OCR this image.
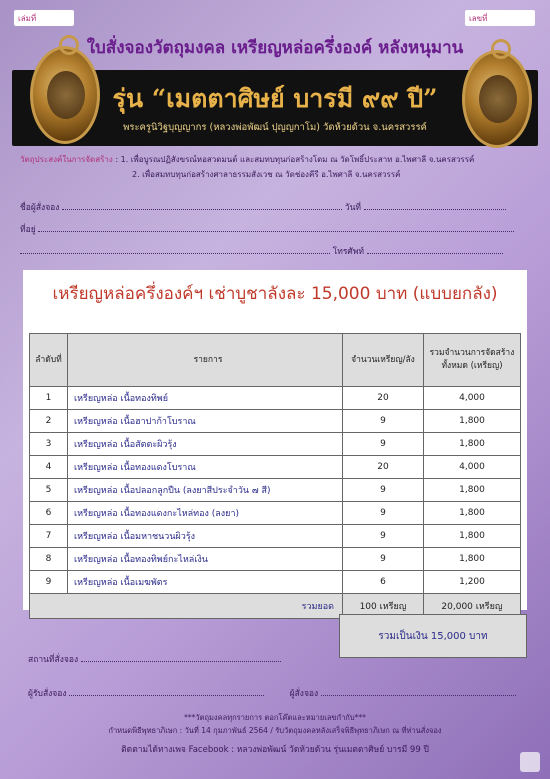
เล่มที่	เลขที่
ใบสั่งจองวัตถุมงคล เหรียญหล่อครึ่งองค์ หลังหนุมาน
รุ่น “เมตตาศิษย์ บารมี ๙๙ ปี”
พระครูนิวิฐบุญญากร (หลวงพ่อพัฒน์ ปุญญกาโม) วัดห้วยด้วน จ.นครสวรรค์
วัตถุประสงค์ในการจัดสร้าง : 1. เพื่อบูรณปฏิสังขรณ์หอสวดมนต์ และสมทบทุนก่อสร้างโดม ณ วัดโพธิ์ประสาท อ.ไพศาลี จ.นครสวรรค์
2. เพื่อสมทบทุนก่อสร้างศาลาธรรมสังเวช ณ วัดช่องคีรี อ.ไพศาลี จ.นครสวรรค์
ชื่อผู้สั่งจอง	วันที่
ที่อยู่
โทรศัพท์
เหรียญหล่อครึ่งองค์ฯ เช่าบูชาลังละ 15,000 บาท (แบบยกลัง)
ลำดับที่	รายการ	จำนวนเหรียญ/ลัง	รวมจำนวนการจัดสร้าง ทั้งหมด (เหรียญ)
1	เหรียญหล่อ เนื้อทองทิพย์	20	4,000
2	เหรียญหล่อ เนื้อฮาปาก้าโบราณ	9	1,800
3	เหรียญหล่อ เนื้อสัตตะผิวรุ้ง	9	1,800
4	เหรียญหล่อ เนื้อทองแดงโบราณ	20	4,000
5	เหรียญหล่อ เนื้อปลอกลูกปืน (ลงยาสีประจำวัน ๗ สี)	9	1,800
6	เหรียญหล่อ เนื้อทองแดงกะไหล่ทอง (ลงยา)	9	1,800
7	เหรียญหล่อ เนื้อมหาชนวนผิวรุ้ง	9	1,800
8	เหรียญหล่อ เนื้อทองทิพย์กะไหล่เงิน	9	1,800
9	เหรียญหล่อ เนื้อเมฆพัตร	6	1,200
รวมยอด		100 เหรียญ	20,000 เหรียญ
รวมเป็นเงิน 15,000 บาท
สถานที่สั่งจอง
ผู้รับสั่งจอง	ผู้สั่งจอง
***วัตถุมงคลทุกรายการ ตอกโค๊ตและหมายเลขกำกับ***
กำหนดพิธีพุทธาภิเษก : วันที่ 14 กุมภาพันธ์ 2564 / รับวัตถุมงคลหลังเสร็จพิธีพุทธาภิเษก ณ ที่ท่านสั่งจอง
ติดตามได้ทางเพจ Facebook : หลวงพ่อพัฒน์ วัดห้วยด้วน รุ่นเมตตาศิษย์ บารมี 99 ปี
